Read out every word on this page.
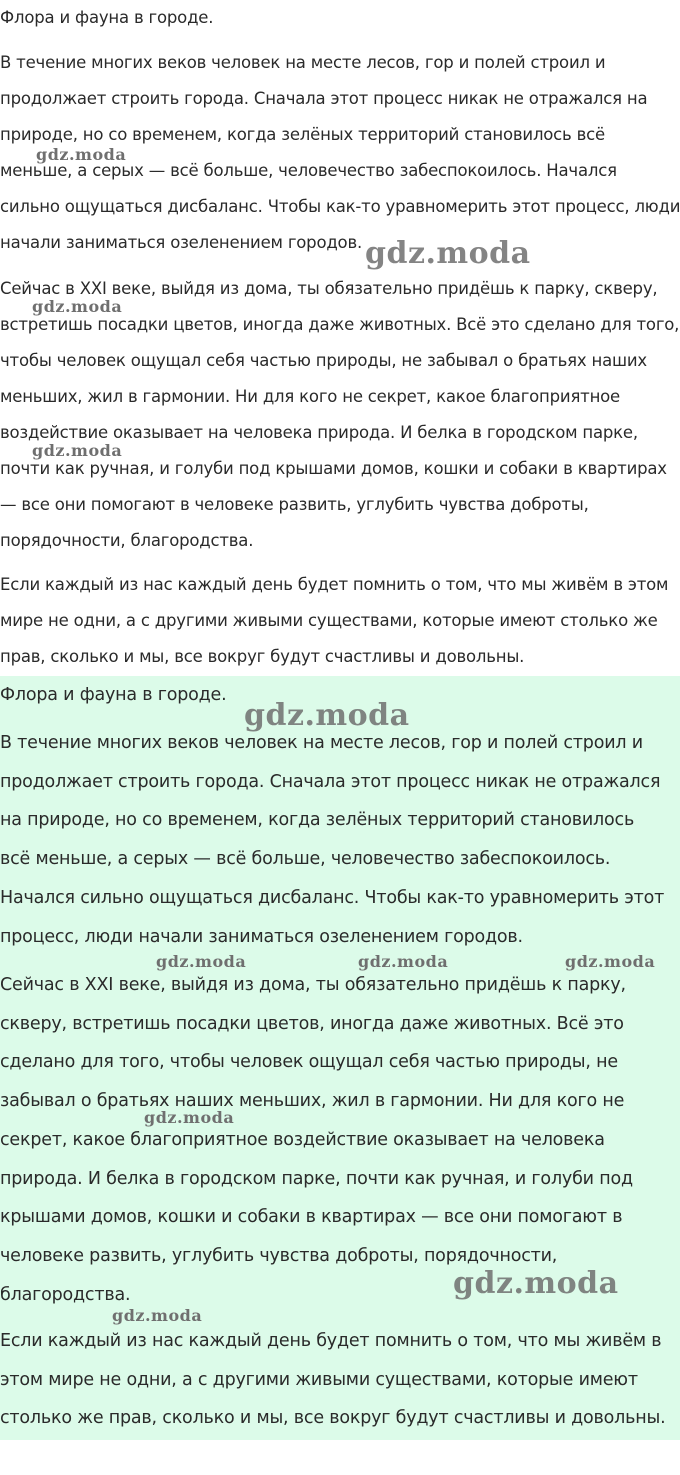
Флора и фауна в городе.

В течение многих веков человек на месте лесов, гор и полей строил и
продолжает строить города. Сначала этот процесс никак не отражался на
природе, но со временем, когда зелёных территорий становилось всё
меньше, а серых — всё больше, человечество забеспокоилось. Начался
сильно ощущаться дисбаланс. Чтобы как-то уравномерить этот процесс, люди
начали заниматься озеленением городов.

Сейчас в XXI веке, выйдя из дома, ты обязательно придёшь к парку, скверу,
встретишь посадки цветов, иногда даже животных. Всё это сделано для того,
чтобы человек ощущал себя частью природы, не забывал о братьях наших
меньших, жил в гармонии. Ни для кого не секрет, какое благоприятное
воздействие оказывает на человека природа. И белка в городском парке,
почти как ручная, и голуби под крышами домов, кошки и собаки в квартирах
— все они помогают в человеке развить, углубить чувства доброты,
порядочности, благородства.

Если каждый из нас каждый день будет помнить о том, что мы живём в этом
мире не одни, а с другими живыми существами, которые имеют столько же
прав, сколько и мы, все вокруг будут счастливы и довольны.

gdz.moda
gdz.moda
gdz.moda
gdz.moda

Флора и фауна в городе.

В течение многих веков человек на месте лесов, гор и полей строил и
продолжает строить города. Сначала этот процесс никак не отражался
на природе, но со временем, когда зелёных территорий становилось
всё меньше, а серых — всё больше, человечество забеспокоилось.
Начался сильно ощущаться дисбаланс. Чтобы как-то уравномерить этот
процесс, люди начали заниматься озеленением городов.

Сейчас в XXI веке, выйдя из дома, ты обязательно придёшь к парку,
скверу, встретишь посадки цветов, иногда даже животных. Всё это
сделано для того, чтобы человек ощущал себя частью природы, не
забывал о братьях наших меньших, жил в гармонии. Ни для кого не
секрет, какое благоприятное воздействие оказывает на человека
природа. И белка в городском парке, почти как ручная, и голуби под
крышами домов, кошки и собаки в квартирах — все они помогают в
человеке развить, углубить чувства доброты, порядочности,
благородства.

Если каждый из нас каждый день будет помнить о том, что мы живём в
этом мире не одни, а с другими живыми существами, которые имеют
столько же прав, сколько и мы, все вокруг будут счастливы и довольны.

gdz.moda
gdz.moda	gdz.moda	gdz.moda
gdz.moda
gdz.moda
gdz.moda
